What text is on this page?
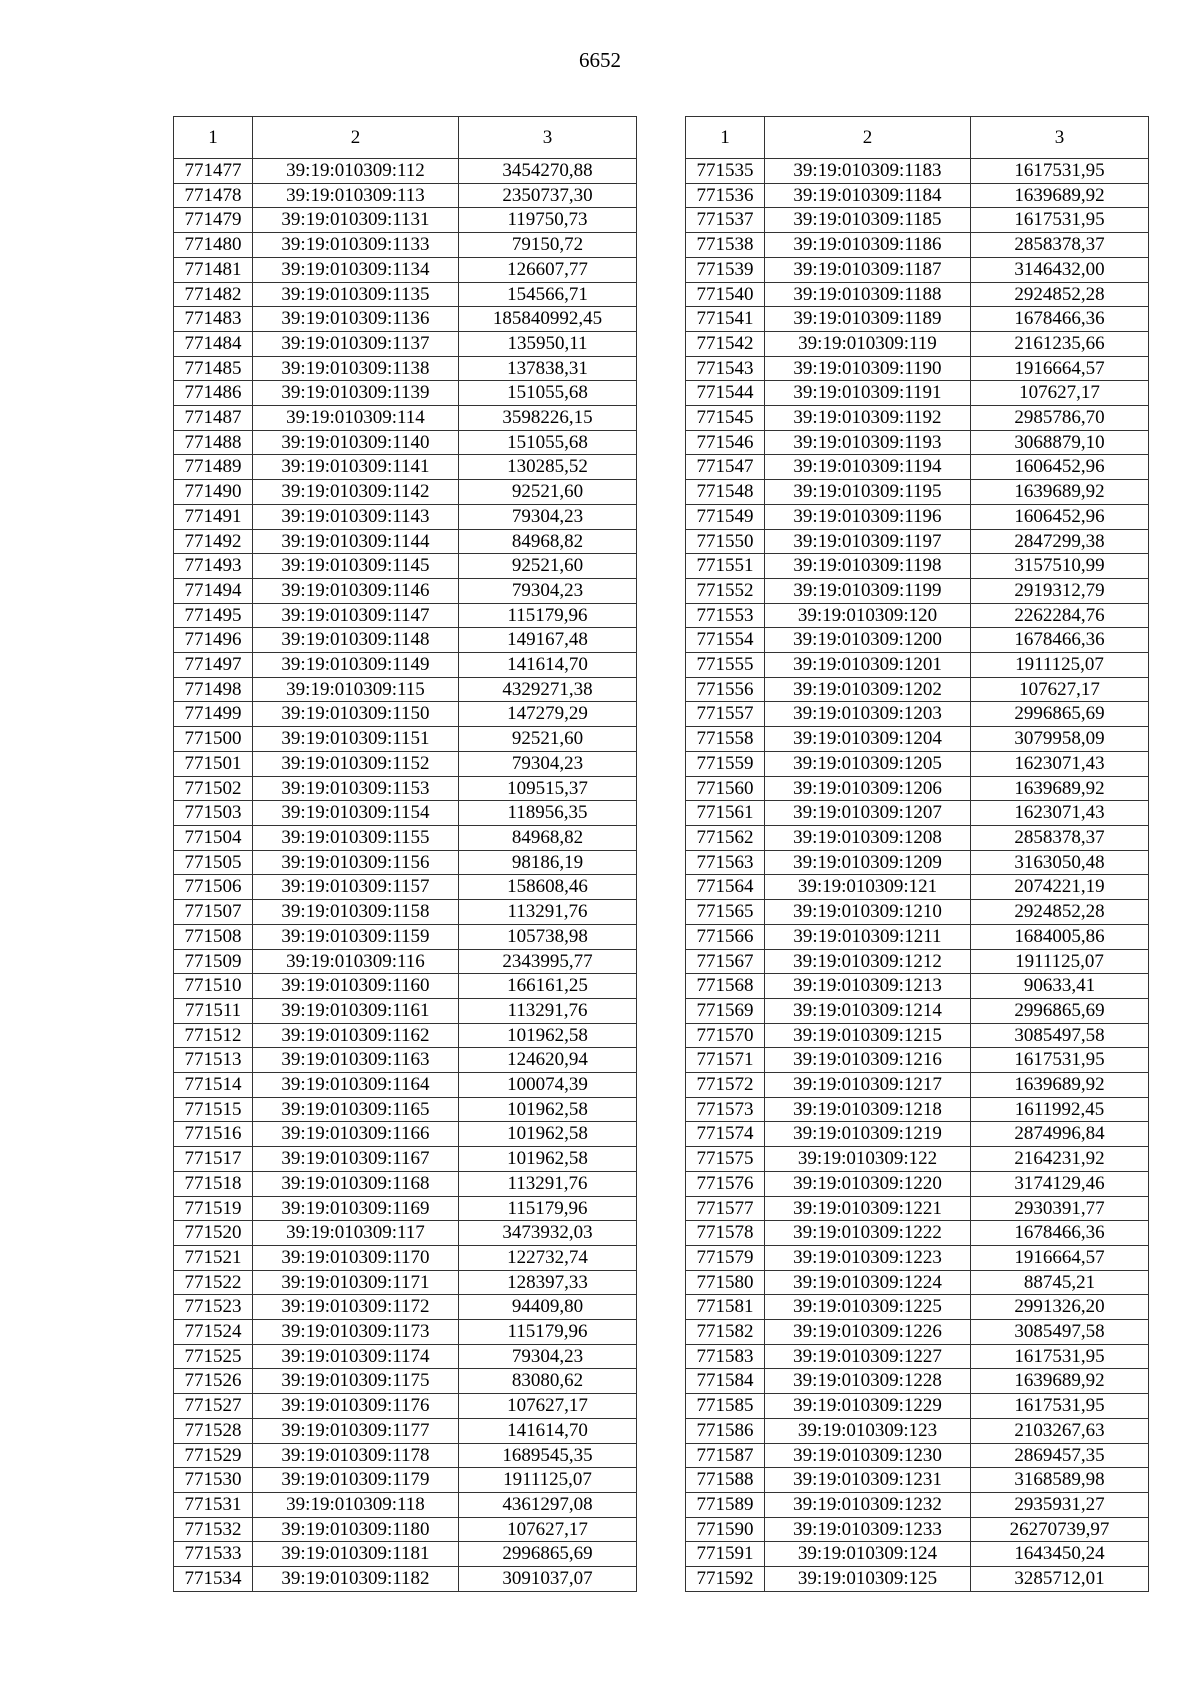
6652
1	2	3
771477	39:19:010309:112	3454270,88
771478	39:19:010309:113	2350737,30
771479	39:19:010309:1131	119750,73
771480	39:19:010309:1133	79150,72
771481	39:19:010309:1134	126607,77
771482	39:19:010309:1135	154566,71
771483	39:19:010309:1136	185840992,45
771484	39:19:010309:1137	135950,11
771485	39:19:010309:1138	137838,31
771486	39:19:010309:1139	151055,68
771487	39:19:010309:114	3598226,15
771488	39:19:010309:1140	151055,68
771489	39:19:010309:1141	130285,52
771490	39:19:010309:1142	92521,60
771491	39:19:010309:1143	79304,23
771492	39:19:010309:1144	84968,82
771493	39:19:010309:1145	92521,60
771494	39:19:010309:1146	79304,23
771495	39:19:010309:1147	115179,96
771496	39:19:010309:1148	149167,48
771497	39:19:010309:1149	141614,70
771498	39:19:010309:115	4329271,38
771499	39:19:010309:1150	147279,29
771500	39:19:010309:1151	92521,60
771501	39:19:010309:1152	79304,23
771502	39:19:010309:1153	109515,37
771503	39:19:010309:1154	118956,35
771504	39:19:010309:1155	84968,82
771505	39:19:010309:1156	98186,19
771506	39:19:010309:1157	158608,46
771507	39:19:010309:1158	113291,76
771508	39:19:010309:1159	105738,98
771509	39:19:010309:116	2343995,77
771510	39:19:010309:1160	166161,25
771511	39:19:010309:1161	113291,76
771512	39:19:010309:1162	101962,58
771513	39:19:010309:1163	124620,94
771514	39:19:010309:1164	100074,39
771515	39:19:010309:1165	101962,58
771516	39:19:010309:1166	101962,58
771517	39:19:010309:1167	101962,58
771518	39:19:010309:1168	113291,76
771519	39:19:010309:1169	115179,96
771520	39:19:010309:117	3473932,03
771521	39:19:010309:1170	122732,74
771522	39:19:010309:1171	128397,33
771523	39:19:010309:1172	94409,80
771524	39:19:010309:1173	115179,96
771525	39:19:010309:1174	79304,23
771526	39:19:010309:1175	83080,62
771527	39:19:010309:1176	107627,17
771528	39:19:010309:1177	141614,70
771529	39:19:010309:1178	1689545,35
771530	39:19:010309:1179	1911125,07
771531	39:19:010309:118	4361297,08
771532	39:19:010309:1180	107627,17
771533	39:19:010309:1181	2996865,69
771534	39:19:010309:1182	3091037,07
1	2	3
771535	39:19:010309:1183	1617531,95
771536	39:19:010309:1184	1639689,92
771537	39:19:010309:1185	1617531,95
771538	39:19:010309:1186	2858378,37
771539	39:19:010309:1187	3146432,00
771540	39:19:010309:1188	2924852,28
771541	39:19:010309:1189	1678466,36
771542	39:19:010309:119	2161235,66
771543	39:19:010309:1190	1916664,57
771544	39:19:010309:1191	107627,17
771545	39:19:010309:1192	2985786,70
771546	39:19:010309:1193	3068879,10
771547	39:19:010309:1194	1606452,96
771548	39:19:010309:1195	1639689,92
771549	39:19:010309:1196	1606452,96
771550	39:19:010309:1197	2847299,38
771551	39:19:010309:1198	3157510,99
771552	39:19:010309:1199	2919312,79
771553	39:19:010309:120	2262284,76
771554	39:19:010309:1200	1678466,36
771555	39:19:010309:1201	1911125,07
771556	39:19:010309:1202	107627,17
771557	39:19:010309:1203	2996865,69
771558	39:19:010309:1204	3079958,09
771559	39:19:010309:1205	1623071,43
771560	39:19:010309:1206	1639689,92
771561	39:19:010309:1207	1623071,43
771562	39:19:010309:1208	2858378,37
771563	39:19:010309:1209	3163050,48
771564	39:19:010309:121	2074221,19
771565	39:19:010309:1210	2924852,28
771566	39:19:010309:1211	1684005,86
771567	39:19:010309:1212	1911125,07
771568	39:19:010309:1213	90633,41
771569	39:19:010309:1214	2996865,69
771570	39:19:010309:1215	3085497,58
771571	39:19:010309:1216	1617531,95
771572	39:19:010309:1217	1639689,92
771573	39:19:010309:1218	1611992,45
771574	39:19:010309:1219	2874996,84
771575	39:19:010309:122	2164231,92
771576	39:19:010309:1220	3174129,46
771577	39:19:010309:1221	2930391,77
771578	39:19:010309:1222	1678466,36
771579	39:19:010309:1223	1916664,57
771580	39:19:010309:1224	88745,21
771581	39:19:010309:1225	2991326,20
771582	39:19:010309:1226	3085497,58
771583	39:19:010309:1227	1617531,95
771584	39:19:010309:1228	1639689,92
771585	39:19:010309:1229	1617531,95
771586	39:19:010309:123	2103267,63
771587	39:19:010309:1230	2869457,35
771588	39:19:010309:1231	3168589,98
771589	39:19:010309:1232	2935931,27
771590	39:19:010309:1233	26270739,97
771591	39:19:010309:124	1643450,24
771592	39:19:010309:125	3285712,01
